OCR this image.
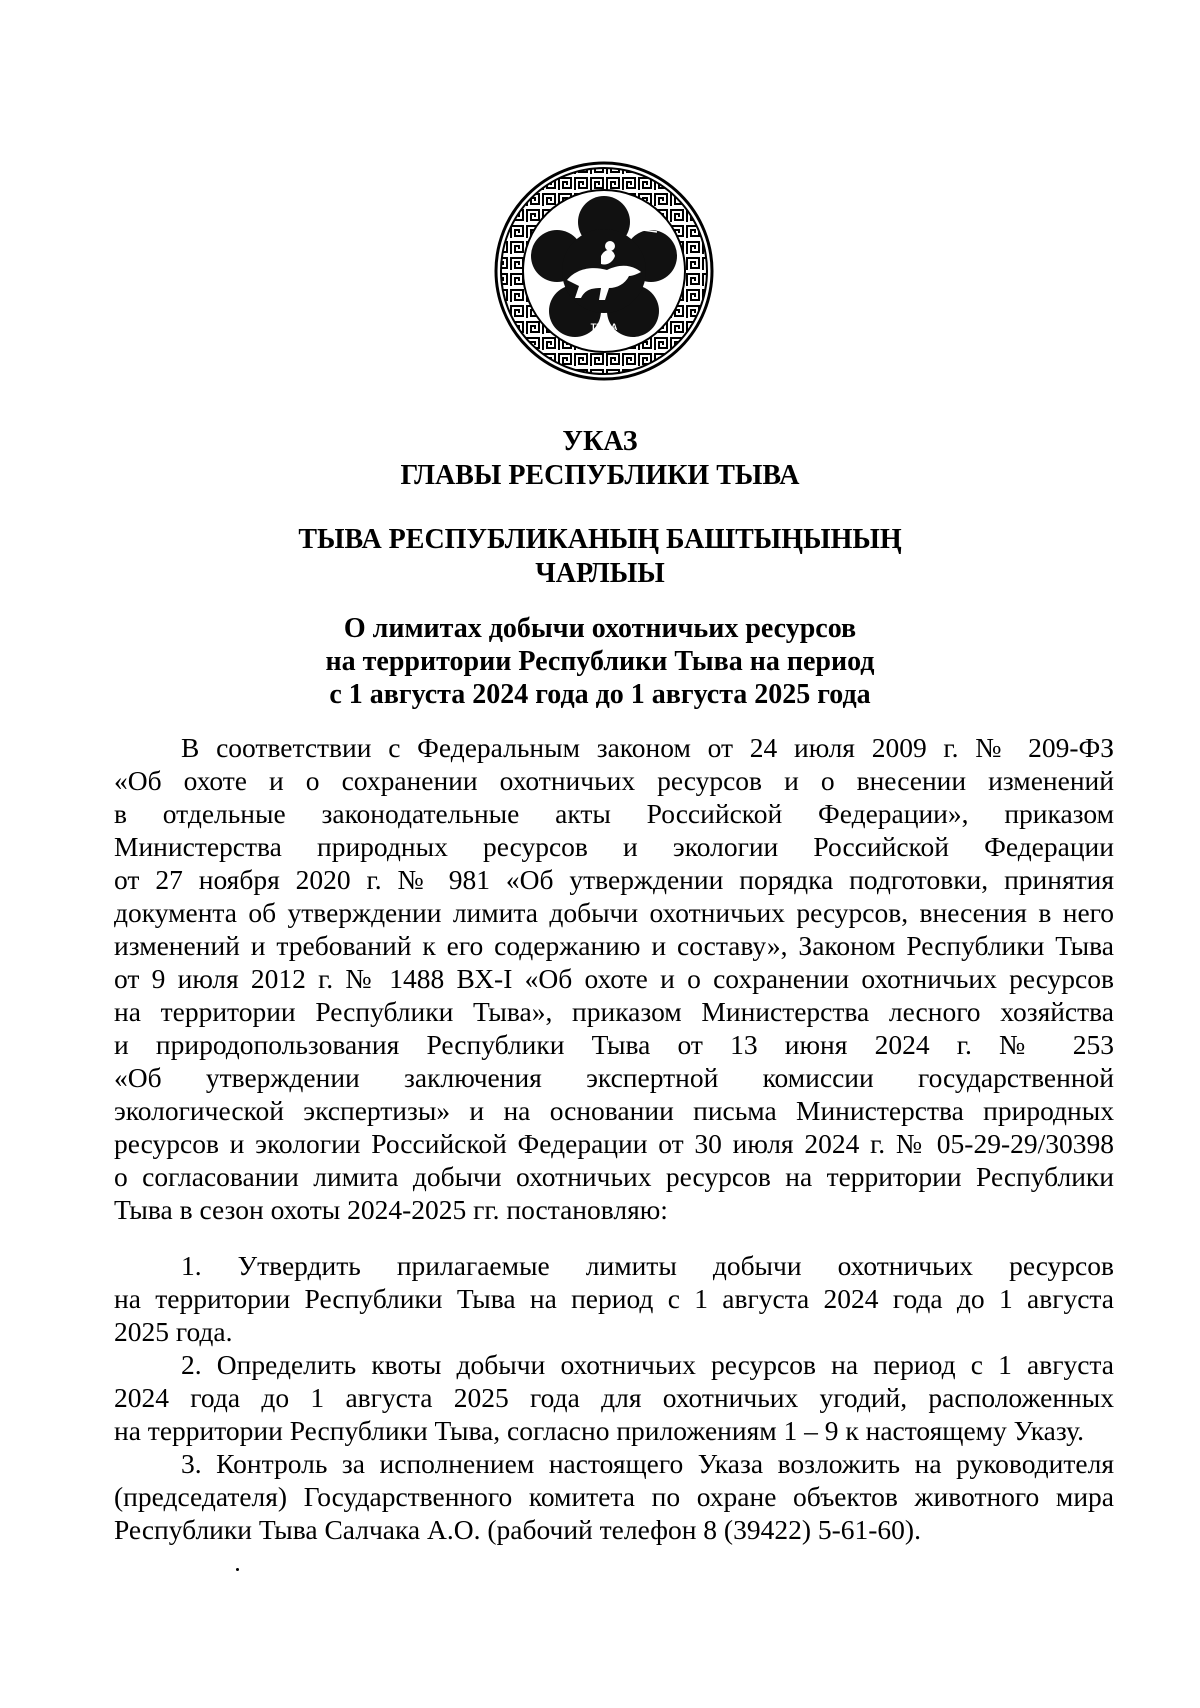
ТЫВА
УКАЗ
ГЛАВЫ РЕСПУБЛИКИ ТЫВА
ТЫВА РЕСПУБЛИКАНЫҢ БАШТЫҢЫНЫҢ
ЧАРЛЫЫ
О лимитах добычи охотничьих ресурсов
на территории Республики Тыва на период
с 1 августа 2024 года до 1 августа 2025 года
В соответствии с Федеральным законом от 24 июля 2009 г. № 209-ФЗ
«Об охоте и о сохранении охотничьих ресурсов и о внесении изменений
в отдельные законодательные акты Российской Федерации», приказом
Министерства природных ресурсов и экологии Российской Федерации
от 27 ноября 2020 г. № 981 «Об утверждении порядка подготовки, принятия
документа об утверждении лимита добычи охотничьих ресурсов, внесения в него
изменений и требований к его содержанию и составу», Законом Республики Тыва
от 9 июля 2012 г. № 1488 ВХ-I «Об охоте и о сохранении охотничьих ресурсов
на территории Республики Тыва», приказом Министерства лесного хозяйства
и природопользования Республики Тыва от 13 июня 2024 г. № 253
«Об утверждении заключения экспертной комиссии государственной
экологической экспертизы» и на основании письма Министерства природных
ресурсов и экологии Российской Федерации от 30 июля 2024 г. № 05-29-29/30398
о согласовании лимита добычи охотничьих ресурсов на территории Республики
Тыва в сезон охоты 2024-2025 гг. постановляю:
1. Утвердить прилагаемые лимиты добычи охотничьих ресурсов
на территории Республики Тыва на период с 1 августа 2024 года до 1 августа
2025 года.
2. Определить квоты добычи охотничьих ресурсов на период с 1 августа
2024 года до 1 августа 2025 года для охотничьих угодий, расположенных
на территории Республики Тыва, согласно приложениям 1 – 9 к настоящему Указу.
3. Контроль за исполнением настоящего Указа возложить на руководителя
(председателя) Государственного комитета по охране объектов животного мира
Республики Тыва Салчака А.О. (рабочий телефон 8 (39422) 5-61-60).
